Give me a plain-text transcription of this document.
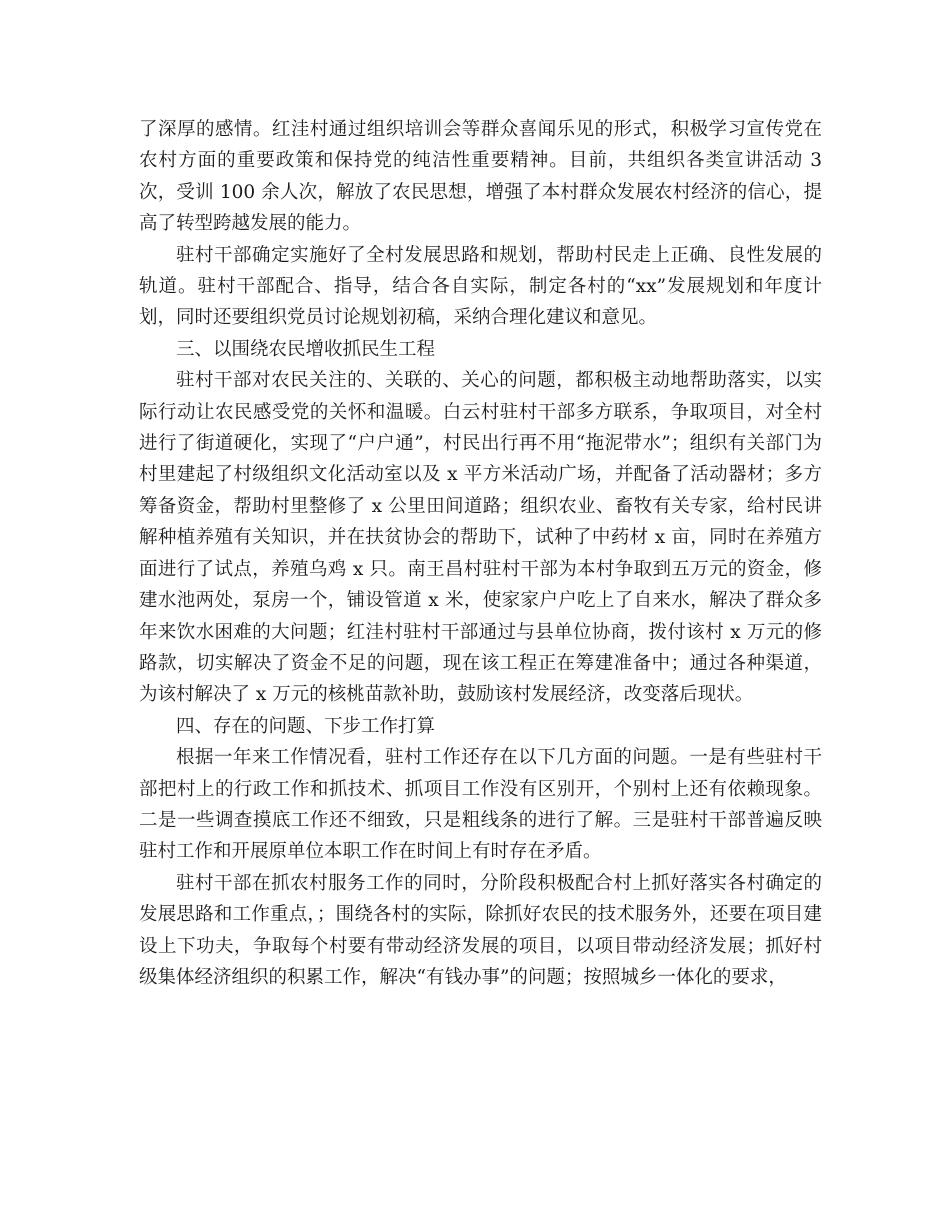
了深厚的感情。红洼村通过组织培训会等群众喜闻乐见的形式，积极学习宣传党在农村方面的重要政策和保持党的纯洁性重要精神。目前，共组织各类宣讲活动 3 次，受训 100 余人次，解放了农民思想，增强了本村群众发展农村经济的信心，提高了转型跨越发展的能力。

驻村干部确定实施好了全村发展思路和规划，帮助村民走上正确、良性发展的轨道。驻村干部配合、指导，结合各自实际，制定各村的“xx”发展规划和年度计划，同时还要组织党员讨论规划初稿，采纳合理化建议和意见。

三、以围绕农民增收抓民生工程

驻村干部对农民关注的、关联的、关心的问题，都积极主动地帮助落实，以实际行动让农民感受党的关怀和温暖。白云村驻村干部多方联系，争取项目，对全村进行了街道硬化，实现了“户户通”，村民出行再不用“拖泥带水”；组织有关部门为村里建起了村级组织文化活动室以及 x 平方米活动广场，并配备了活动器材；多方筹备资金，帮助村里整修了 x 公里田间道路；组织农业、畜牧有关专家，给村民讲解种植养殖有关知识，并在扶贫协会的帮助下，试种了中药材 x 亩，同时在养殖方面进行了试点，养殖乌鸡 x 只。南王昌村驻村干部为本村争取到五万元的资金，修建水池两处，泵房一个，铺设管道 x 米，使家家户户吃上了自来水，解决了群众多年来饮水困难的大问题；红洼村驻村干部通过与县单位协商，拨付该村 x 万元的修路款，切实解决了资金不足的问题，现在该工程正在筹建准备中；通过各种渠道，为该村解决了 x 万元的核桃苗款补助，鼓励该村发展经济，改变落后现状。

四、存在的问题、下步工作打算

根据一年来工作情况看，驻村工作还存在以下几方面的问题。一是有些驻村干部把村上的行政工作和抓技术、抓项目工作没有区别开，个别村上还有依赖现象。二是一些调查摸底工作还不细致，只是粗线条的进行了解。三是驻村干部普遍反映驻村工作和开展原单位本职工作在时间上有时存在矛盾。

驻村干部在抓农村服务工作的同时，分阶段积极配合村上抓好落实各村确定的发展思路和工作重点，；围绕各村的实际，除抓好农民的技术服务外，还要在项目建设上下功夫，争取每个村要有带动经济发展的项目，以项目带动经济发展；抓好村级集体经济组织的积累工作，解决“有钱办事”的问题；按照城乡一体化的要求，
